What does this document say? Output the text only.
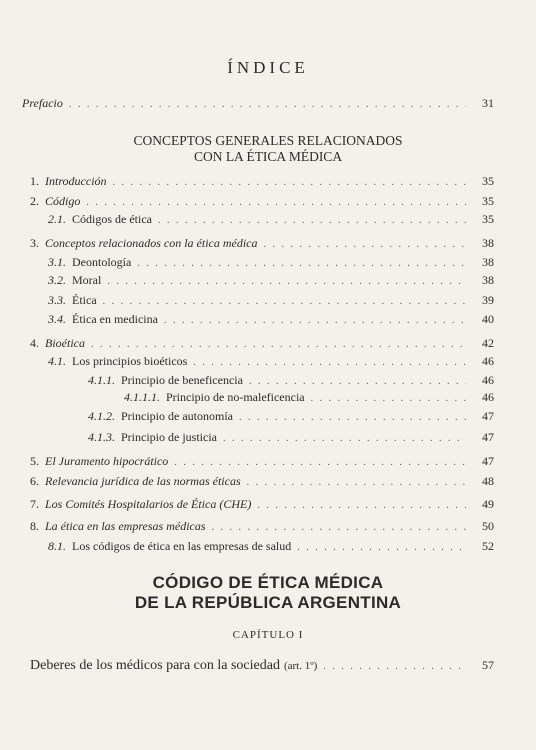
ÍNDICE
Prefacio . . .	31
CONCEPTOS GENERALES RELACIONADOS
CON LA ÉTICA MÉDICA
1. Introducción . . .	35
2. Código . . .	35
2.1. Códigos de ética . . .	35
3. Conceptos relacionados con la ética médica . . .	38
3.1. Deontología . . .	38
3.2. Moral . . .	38
3.3. Ética . . .	39
3.4. Ética en medicina . . .	40
4. Bioética . . .	42
4.1. Los principios bioéticos . . .	46
4.1.1. Principio de beneficencia . . .	46
4.1.1.1. Principio de no-maleficencia . . .	46
4.1.2. Principio de autonomía . . .	47
4.1.3. Principio de justicia . . .	47
5. El Juramento hipocrático . . .	47
6. Relevancia jurídica de las normas éticas . . .	48
7. Los Comités Hospitalarios de Ética (CHE) . . .	49
8. La ética en las empresas médicas . . .	50
8.1. Los códigos de ética en las empresas de salud . . .	52
CÓDIGO DE ÉTICA MÉDICA
DE LA REPÚBLICA ARGENTINA
CAPÍTULO I
Deberes de los médicos para con la sociedad (art. 1º) . . .	57
